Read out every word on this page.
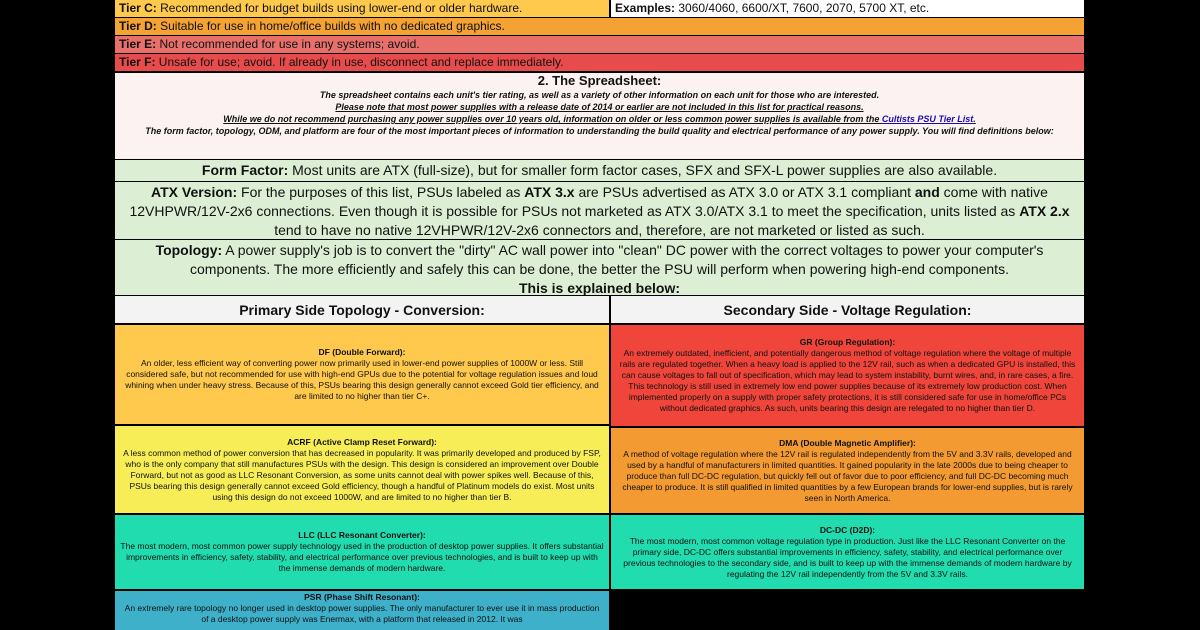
Tier C: Recommended for budget builds using lower-end or older hardware.	Examples: 3060/4060, 6600/XT, 7600, 2070, 5700 XT, etc.
Tier D: Suitable for use in home/office builds with no dedicated graphics.
Tier E: Not recommended for use in any systems; avoid.
Tier F: Unsafe for use; avoid. If already in use, disconnect and replace immediately.
2. The Spreadsheet:
The spreadsheet contains each unit's tier rating, as well as a variety of other information on each unit for those who are interested.
Please note that most power supplies with a release date of 2014 or earlier are not included in this list for practical reasons.
While we do not recommend purchasing any power supplies over 10 years old, information on older or less common power supplies is available from the Cultists PSU Tier List.
The form factor, topology, ODM, and platform are four of the most important pieces of information to understanding the build quality and electrical performance of any power supply. You will find definitions below:
Form Factor: Most units are ATX (full-size), but for smaller form factor cases, SFX and SFX-L power supplies are also available.
ATX Version: For the purposes of this list, PSUs labeled as ATX 3.x are PSUs advertised as ATX 3.0 or ATX 3.1 compliant and come with native 12VHPWR/12V-2x6 connections. Even though it is possible for PSUs not marketed as ATX 3.0/ATX 3.1 to meet the specification, units listed as ATX 2.x tend to have no native 12VHPWR/12V-2x6 connectors and, therefore, are not marketed or listed as such.
Topology: A power supply's job is to convert the "dirty" AC wall power into "clean" DC power with the correct voltages to power your computer's components. The more efficiently and safely this can be done, the better the PSU will perform when powering high-end components.
This is explained below:
Primary Side Topology - Conversion:	Secondary Side - Voltage Regulation:
DF (Double Forward):
An older, less efficient way of converting power now primarily used in lower-end power supplies of 1000W or less. Still considered safe, but not recommended for use with high-end GPUs due to the potential for voltage regulation issues and loud whining when under heavy stress. Because of this, PSUs bearing this design generally cannot exceed Gold tier efficiency, and are limited to no higher than tier C+.
ACRF (Active Clamp Reset Forward):
A less common method of power conversion that has decreased in popularity. It was primarily developed and produced by FSP, who is the only company that still manufactures PSUs with the design. This design is considered an improvement over Double Forward, but not as good as LLC Resonant Conversion, as some units cannot deal with power spikes well. Because of this, PSUs bearing this design generally cannot exceed Gold efficiency, though a handful of Platinum models do exist. Most units using this design do not exceed 1000W, and are limited to no higher than tier B.
LLC (LLC Resonant Converter):
The most modern, most common power supply technology used in the production of desktop power supplies. It offers substantial improvements in efficiency, safety, stability, and electrical performance over previous technologies, and is built to keep up with the immense demands of modern hardware.
PSR (Phase Shift Resonant):
An extremely rare topology no longer used in desktop power supplies. The only manufacturer to ever use it in mass production of a desktop power supply was Enermax, with a platform that released in 2012. It was
GR (Group Regulation):
An extremely outdated, inefficient, and potentially dangerous method of voltage regulation where the voltage of multiple rails are regulated together. When a heavy load is applied to the 12V rail, such as when a dedicated GPU is installed, this can cause voltages to fall out of specification, which may lead to system instability, burnt wires, and, in rare cases, a fire. This technology is still used in extremely low end power supplies because of its extremely low production cost. When implemented properly on a supply with proper safety protections, it is still considered safe for use in home/office PCs without dedicated graphics. As such, units bearing this design are relegated to no higher than tier D.
DMA (Double Magnetic Amplifier):
A method of voltage regulation where the 12V rail is regulated independently from the 5V and 3.3V rails, developed and used by a handful of manufacturers in limited quantities. It gained popularity in the late 2000s due to being cheaper to produce than full DC-DC regulation, but quickly fell out of favor due to poor efficiency, and full DC-DC becoming much cheaper to produce. It is still qualified in limited quantities by a few European brands for lower-end supplies, but is rarely seen in North America.
DC-DC (D2D):
The most modern, most common voltage regulation type in production. Just like the LLC Resonant Converter on the primary side, DC-DC offers substantial improvements in efficiency, safety, stability, and electrical performance over previous technologies to the secondary side, and is built to keep up with the immense demands of modern hardware by regulating the 12V rail independently from the 5V and 3.3V rails.
